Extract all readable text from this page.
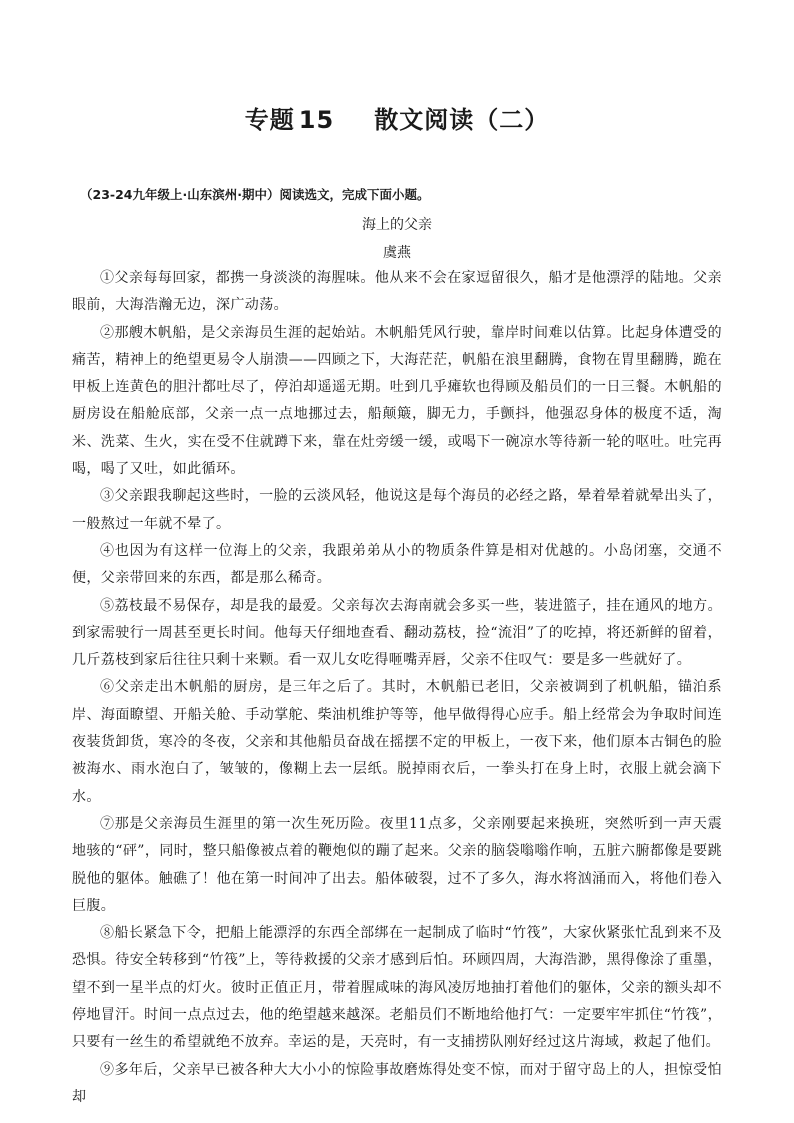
专题 15 散文阅读（二）

（23-24九年级上·山东滨州·期中）阅读选文，完成下面小题。

海上的父亲

虞燕

①父亲每每回家，都携一身淡淡的海腥味。他从来不会在家逗留很久，船才是他漂浮的陆地。父亲眼前，大海浩瀚无边，深广动荡。

②那艘木帆船，是父亲海员生涯的起始站。木帆船凭风行驶，靠岸时间难以估算。比起身体遭受的痛苦，精神上的绝望更易令人崩溃——四顾之下，大海茫茫，帆船在浪里翻腾，食物在胃里翻腾，跪在甲板上连黄色的胆汁都吐尽了，停泊却遥遥无期。吐到几乎瘫软也得顾及船员们的一日三餐。木帆船的厨房设在船舱底部，父亲一点一点地挪过去，船颠簸，脚无力，手颤抖，他强忍身体的极度不适，淘米、洗菜、生火，实在受不住就蹲下来，靠在灶旁缓一缓，或喝下一碗凉水等待新一轮的呕吐。吐完再喝，喝了又吐，如此循环。

③父亲跟我聊起这些时，一脸的云淡风轻，他说这是每个海员的必经之路，晕着晕着就晕出头了，一般熬过一年就不晕了。

④也因为有这样一位海上的父亲，我跟弟弟从小的物质条件算是相对优越的。小岛闭塞，交通不便，父亲带回来的东西，都是那么稀奇。

⑤荔枝最不易保存，却是我的最爱。父亲每次去海南就会多买一些，装进篮子，挂在通风的地方。到家需驶行一周甚至更长时间。他每天仔细地查看、翻动荔枝，捡“流泪”了的吃掉，将还新鲜的留着，几斤荔枝到家后往往只剩十来颗。看一双儿女吃得咂嘴弄唇，父亲不住叹气：要是多一些就好了。

⑥父亲走出木帆船的厨房，是三年之后了。其时，木帆船已老旧，父亲被调到了机帆船，锚泊系岸、海面瞭望、开船关舱、手动掌舵、柴油机维护等等，他早做得得心应手。船上经常会为争取时间连夜装货卸货，寒冷的冬夜，父亲和其他船员奋战在摇摆不定的甲板上，一夜下来，他们原本古铜色的脸被海水、雨水泡白了，皱皱的，像糊上去一层纸。脱掉雨衣后，一拳头打在身上时，衣服上就会滴下水。

⑦那是父亲海员生涯里的第一次生死历险。夜里11点多，父亲刚要起来换班，突然听到一声天震地骇的“砰”，同时，整只船像被点着的鞭炮似的蹦了起来。父亲的脑袋嗡嗡作响，五脏六腑都像是要跳脱他的躯体。触礁了！他在第一时间冲了出去。船体破裂，过不了多久，海水将汹涌而入，将他们卷入巨腹。

⑧船长紧急下令，把船上能漂浮的东西全部绑在一起制成了临时“竹筏”，大家伙紧张忙乱到来不及恐惧。待安全转移到“竹筏”上，等待救援的父亲才感到后怕。环顾四周，大海浩渺，黑得像涂了重墨，望不到一星半点的灯火。彼时正值正月，带着腥咸味的海风凌厉地抽打着他们的躯体，父亲的额头却不停地冒汗。时间一点点过去，他的绝望越来越深。老船员们不断地给他打气：一定要牢牢抓住“竹筏”，只要有一丝生的希望就绝不放弃。幸运的是，天亮时，有一支捕捞队刚好经过这片海域，救起了他们。

⑨多年后，父亲早已被各种大大小小的惊险事故磨炼得处变不惊，而对于留守岛上的人，担惊受怕却
